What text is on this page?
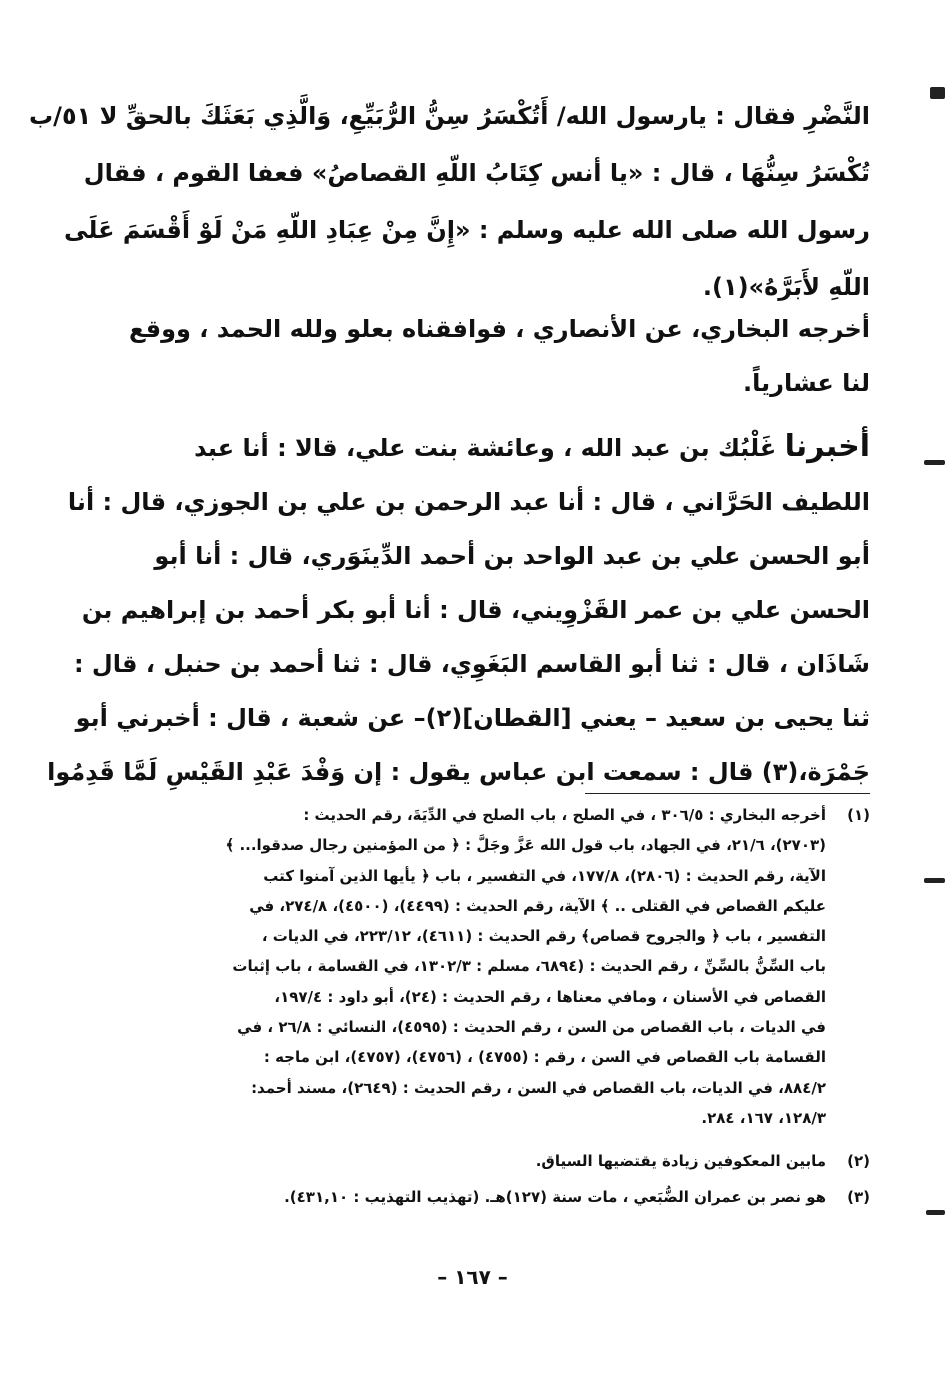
النَّضْرِ فقال : يارسول الله/ أَتُكْسَرُ سِنُّ الرُّبَيِّعِ، وَالَّذِي بَعَثَكَ بالحقِّ لا ٥١/ب
تُكْسَرُ سِنُّهَا ، قال : «يا أنس كِتَابُ اللّهِ القصاصُ» فعفا القوم ، فقال
رسول الله صلى الله عليه وسلم : «إِنَّ مِنْ عِبَادِ اللّهِ مَنْ لَوْ أَقْسَمَ عَلَى
اللّهِ لأَبَرَّهُ»(١).
أخرجه البخاري، عن الأنصاري ، فوافقناه بعلو ولله الحمد ، ووقع
لنا عشارياً.
أخبرنا غَلْبُك بن عبد الله ، وعائشة بنت علي، قالا : أنا عبد
اللطيف الحَرَّاني ، قال : أنا عبد الرحمن بن علي بن الجوزي، قال : أنا
أبو الحسن علي بن عبد الواحد بن أحمد الدِّينَوَري، قال : أنا أبو
الحسن علي بن عمر القَزْوِيني، قال : أنا أبو بكر أحمد بن إبراهيم بن
شَاذَان ، قال : ثنا أبو القاسم البَغَوِي، قال : ثنا أحمد بن حنبل ، قال :
ثنا يحيى بن سعيد – يعني [القطان](٢)– عن شعبة ، قال : أخبرني أبو
جَمْرَة،(٣) قال : سمعت ابن عباس يقول : إن وَفْدَ عَبْدِ القَيْسِ لَمَّا قَدِمُوا
(١)
أخرجه البخاري : ٣٠٦/٥ ، في الصلح ، باب الصلح في الدِّيَةَ، رقم الحديث :
(٢٧٠٣)، ٢١/٦، في الجهاد، باب قول الله عَزَّ وجَلَّ : ﴿ من المؤمنين رجال صدقوا... ﴾
الآية، رقم الحديث : (٢٨٠٦)، ١٧٧/٨، في التفسير ، باب ﴿ يأيها الذين آمنوا كتب
عليكم القصاص في القتلى .. ﴾ الآية، رقم الحديث : (٤٤٩٩)، (٤٥٠٠)، ٢٧٤/٨، في
التفسير ، باب ﴿ والجروح قصاص﴾ رقم الحديث : (٤٦١١)، ٢٢٣/١٢، في الديات ،
باب السِّنُّ بالسِّنِّ ، رقم الحديث : (٦٨٩٤، مسلم : ١٣٠٢/٣، في القسامة ، باب إثبات
القصاص في الأسنان ، ومافي معناها ، رقم الحديث : (٢٤)، أبو داود : ١٩٧/٤،
في الديات ، باب القصاص من السن ، رقم الحديث : (٤٥٩٥)، النسائي : ٢٦/٨ ، في
القسامة باب القصاص في السن ، رقم : (٤٧٥٥) ، (٤٧٥٦)، (٤٧٥٧)، ابن ماجه :
٨٨٤/٢، في الديات، باب القصاص في السن ، رقم الحديث : (٢٦٤٩)، مسند أحمد:
١٢٨/٣، ١٦٧، ٢٨٤.
(٢)
مابين المعكوفين زيادة يقتضيها السياق.
(٣)
هو نصر بن عمران الضُّبَعي ، مات سنة (١٢٧)هـ. (تهذيب التهذيب : ٤٣١,١٠).
– ١٦٧ –
